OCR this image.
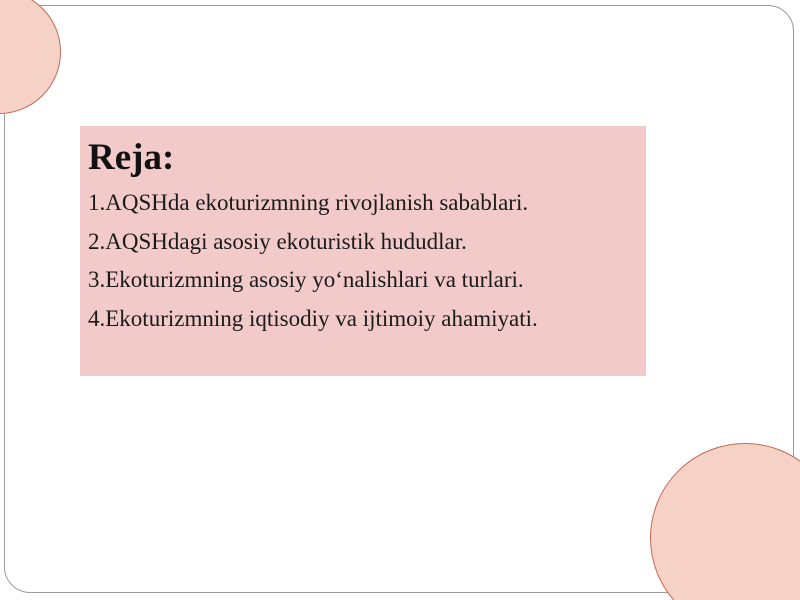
Reja:
1.AQSHda ekoturizmning rivojlanish sabablari.
2.AQSHdagi asosiy ekoturistik hududlar.
3.Ekoturizmning asosiy yo‘nalishlari va turlari.
4.Ekoturizmning iqtisodiy va ijtimoiy ahamiyati.
